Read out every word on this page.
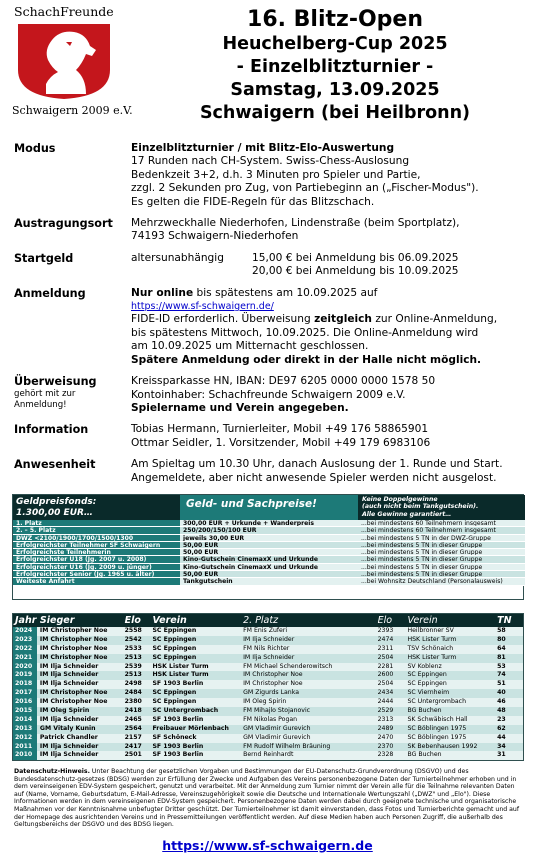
SchachFreunde
Schwaigern 2009 e.V.
16. Blitz-Open
Heuchelberg-Cup 2025
- Einzelblitzturnier -
Samstag, 13.09.2025
Schwaigern (bei Heilbronn)
Modus	Einzelblitzturnier / mit Blitz-Elo-Auswertung
17 Runden nach CH-System. Swiss-Chess-Auslosung
Bedenkzeit 3+2, d.h. 3 Minuten pro Spieler und Partie,
zzgl. 2 Sekunden pro Zug, von Partiebeginn an („Fischer-Modus").
Es gelten die FIDE-Regeln für das Blitzschach.
Austragungsort	Mehrzweckhalle Niederhofen, Lindenstraße (beim Sportplatz),
74193 Schwaigern-Niederhofen
Startgeld	altersunabhängig	15,00 € bei Anmeldung bis 06.09.2025
20,00 € bei Anmeldung bis 10.09.2025
Anmeldung	Nur online bis spätestens am 10.09.2025 auf
https://www.sf-schwaigern.de/
FIDE-ID erforderlich. Überweisung zeitgleich zur Online-Anmeldung,
bis spätestens Mittwoch, 10.09.2025. Die Online-Anmeldung wird
am 10.09.2025 um Mitternacht geschlossen.
Spätere Anmeldung oder direkt in der Halle nicht möglich.
Überweisung
gehört mit zur
Anmeldung!
Kreissparkasse HN, IBAN: DE97 6205 0000 0000 1578 50
Kontoinhaber: Schachfreunde Schwaigern 2009 e.V.
Spielername und Verein angegeben.
Information	Tobias Hermann, Turnierleiter, Mobil +49 176 58865901
Ottmar Seidler, 1. Vorsitzender, Mobil +49 179 6983106
Anwesenheit	Am Spieltag um 10.30 Uhr, danach Auslosung der 1. Runde und Start.
Angemeldete, aber nicht anwesende Spieler werden nicht ausgelost.
Geldpreisfonds:
1.300,00 EUR…
Geld- und Sachpreise!	Keine Doppelgewinne
(auch nicht beim Tankgutschein).
Alle Gewinne garantiert…
1. Platz	300,00 EUR + Urkunde + Wanderpreis	...bei mindestens 60 Teilnehmern insgesamt
2. – 5. Platz	250/200/150/100 EUR	...bei mindestens 60 Teilnehmern insgesamt
DWZ <2100/1900/1700/1500/1300	jeweils 30,00 EUR	...bei mindestens 5 TN in der DWZ-Gruppe
Erfolgreichster Teilnehmer SF Schwaigern	50,00 EUR	...bei mindestens 5 TN in dieser Gruppe
Erfolgreichste Teilnehmerin	50,00 EUR	...bei mindestens 5 TN in dieser Gruppe
Erfolgreichster U18 (Jg. 2007 u. 2008)	Kino-Gutschein CinemaxX und Urkunde	...bei mindestens 5 TN in dieser Gruppe
Erfolgreichster U16 (Jg. 2009 u. jünger)	Kino-Gutschein CinemaxX und Urkunde	...bei mindestens 5 TN in dieser Gruppe
Erfolgreichster Senior (Jg. 1965 u. älter)	50,00 EUR	...bei mindestens 5 TN in dieser Gruppe
Weiteste Anfahrt	Tankgutschein	...bei Wohnsitz Deutschland (Personalausweis)
Jahr Sieger	Elo	Verein	2. Platz	Elo	Verein	TN
2024	IM Christopher Noe	2558	SC Eppingen	FM Enis Zuferi	2393	Heilbronner SV	58
2023	IM Christopher Noe	2542	SC Eppingen	IM Ilja Schneider	2474	HSK Lister Turm	80
2022	IM Christopher Noe	2533	SC Eppingen	FM Nils Richter	2311	TSV Schönaich	64
2021	IM Christopher Noe	2513	SC Eppingen	IM Ilja Schneider	2504	HSK Lister Turm	81
2020	IM Ilja Schneider	2539	HSK Lister Turm	FM Michael Schenderowitsch	2281	SV Koblenz	53
2019	IM Ilja Schneider	2513	HSK Lister Turm	IM Christopher Noe	2600	SC Eppingen	74
2018	IM Ilja Schneider	2498	SF 1903 Berlin	IM Christopher Noe	2504	SC Eppingen	51
2017	IM Christopher Noe	2484	SC Eppingen	GM Zigurds Lanka	2434	SC Viernheim	40
2016	IM Christopher Noe	2380	SC Eppingen	IM Oleg Spirin	2444	SC Untergrombach	46
2015	IM Oleg Spirin	2418	SC Untergrombach	FM Mihajlo Stojanovic	2529	BG Buchen	48
2014	IM Ilja Schneider	2465	SF 1903 Berlin	FM Nikolas Pogan	2313	SK Schwäbisch Hall	23
2013	GM Vitaly Kunin	2564	Freibauer Mörlenbach	GM Vladimir Gurevich	2489	SC Böblingen 1975	62
2012	Patrick Chandler	2157	SF Schöneck	GM Vladimir Gurevich	2470	SC Böblingen 1975	44
2011	IM Ilja Schneider	2417	SF 1903 Berlin	FM Rudolf Wilhelm Bräuning	2370	SK Bebenhausen 1992	34
2010	IM Ilja Schneider	2501	SF 1903 Berlin	Bernd Reinhardt	2328	BG Buchen	31
Datenschutz-Hinweis. Unter Beachtung der gesetzlichen Vorgaben und Bestimmungen der EU-Datenschutz-Grundverordnung (DSGVO) und des Bundesdatenschutz-gesetzes (BDSG) werden zur Erfüllung der Zwecke und Aufgaben des Vereins personenbezogene Daten der Turnierteilnehmer erhoben und in dem vereinseigenen EDV-System gespeichert, genutzt und verarbeitet. Mit der Anmeldung zum Turnier nimmt der Verein alle für die Teilnahme relevanten Daten auf (Name, Vorname, Geburtsdatum, E-Mail-Adresse, Vereinszugehörigkeit sowie die Deutsche und Internationale Wertungszahl („DWZ" und „Elo"). Diese Informationen werden in dem vereinseigenen EDV-System gespeichert. Personenbezogene Daten werden dabei durch geeignete technische und organisatorische Maßnahmen vor der Kenntnisnahme unbefugter Dritter geschützt. Der Turnierteilnehmer ist damit einverstanden, dass Fotos und Turnierberichte gemacht und auf der Homepage des ausrichtenden Vereins und in Pressemitteilungen veröffentlicht werden. Auf diese Medien haben auch Personen Zugriff, die außerhalb des Geltungsbereichs der DSGVO und des BDSG liegen.
https://www.sf-schwaigern.de
